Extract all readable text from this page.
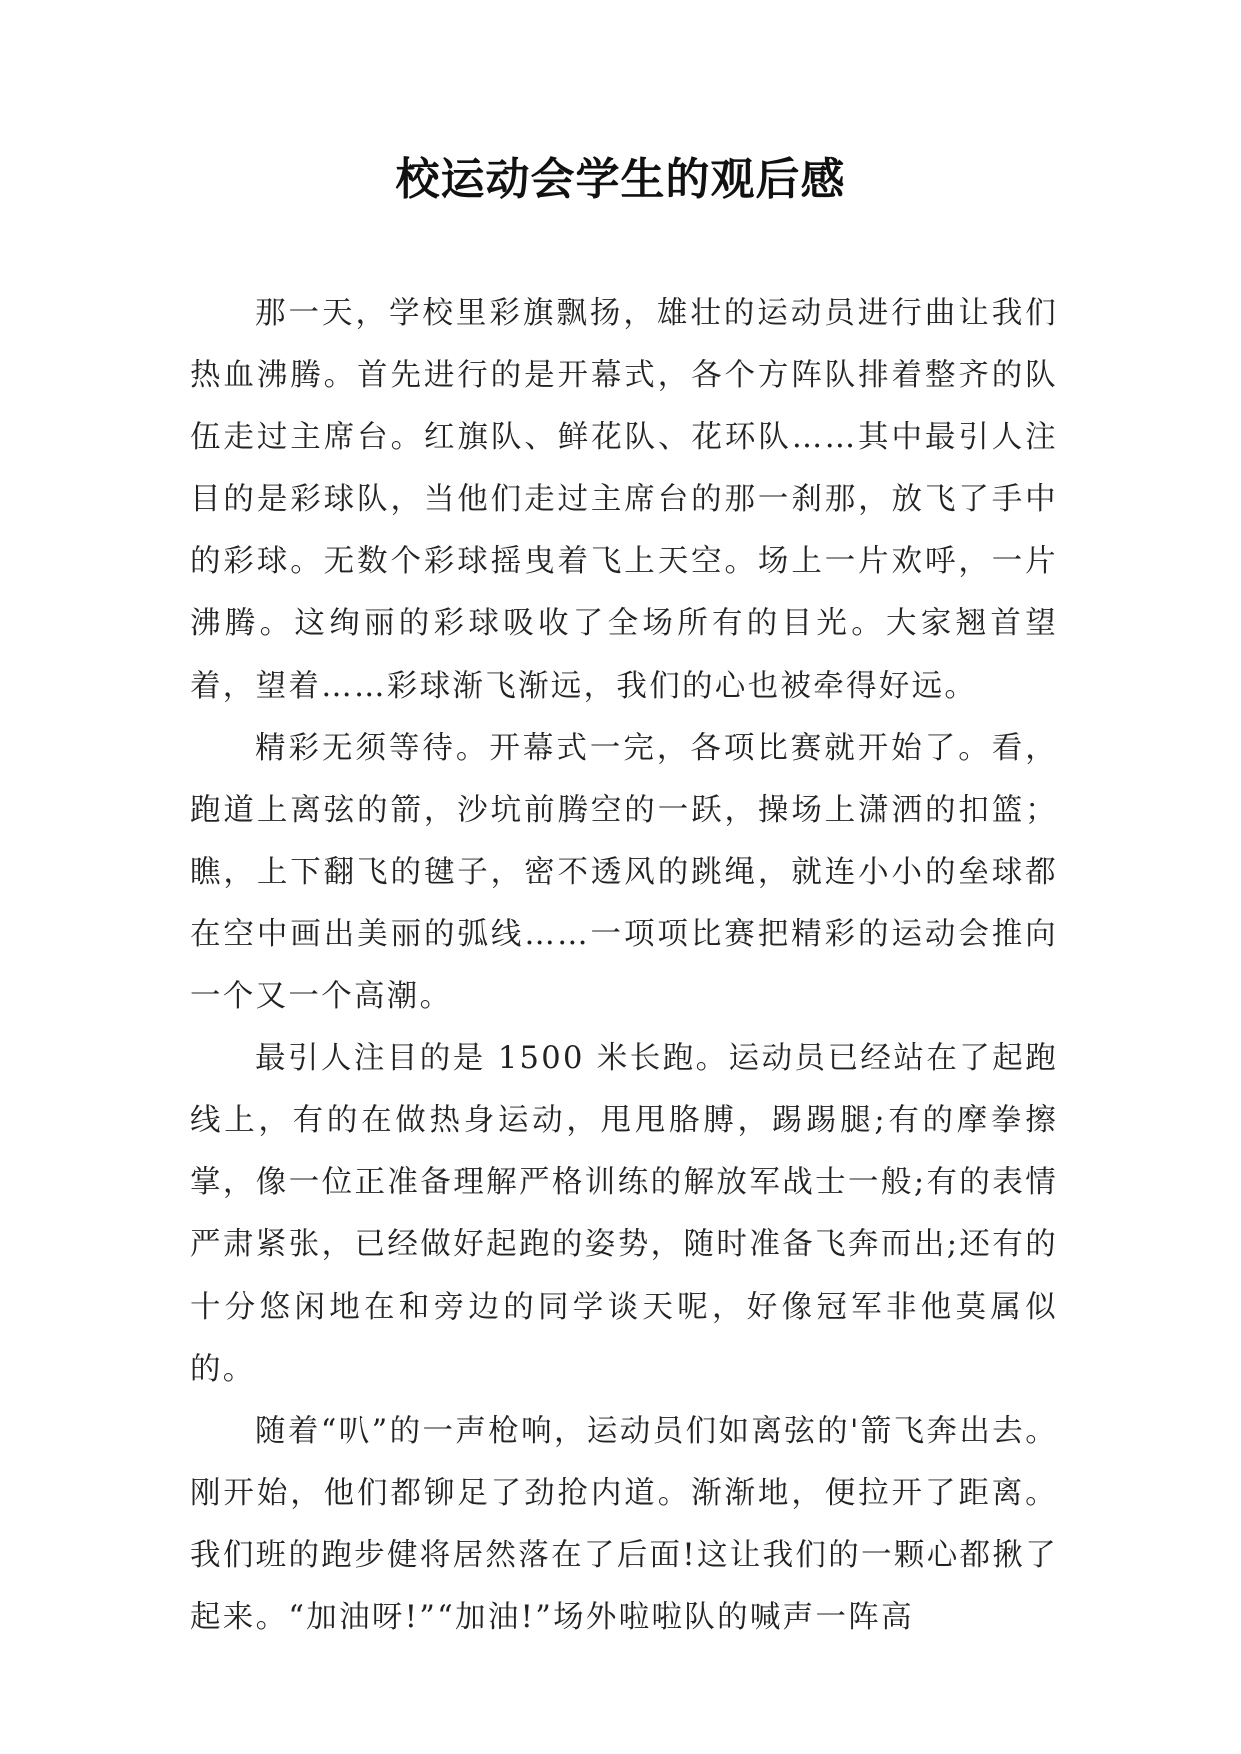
校运动会学生的观后感

那一天，学校里彩旗飘扬，雄壮的运动员进行曲让我们热血沸腾。首先进行的是开幕式，各个方阵队排着整齐的队伍走过主席台。红旗队、鲜花队、花环队……其中最引人注目的是彩球队，当他们走过主席台的那一刹那，放飞了手中的彩球。无数个彩球摇曳着飞上天空。场上一片欢呼，一片沸腾。这绚丽的彩球吸收了全场所有的目光。大家翘首望着，望着……彩球渐飞渐远，我们的心也被牵得好远。

精彩无须等待。开幕式一完，各项比赛就开始了。看，跑道上离弦的箭，沙坑前腾空的一跃，操场上潇洒的扣篮；瞧，上下翻飞的毽子，密不透风的跳绳，就连小小的垒球都在空中画出美丽的弧线……一项项比赛把精彩的运动会推向一个又一个高潮。

最引人注目的是 1500 米长跑。运动员已经站在了起跑线上，有的在做热身运动，甩甩胳膊，踢踢腿;有的摩拳擦掌，像一位正准备理解严格训练的解放军战士一般;有的表情严肃紧张，已经做好起跑的姿势，随时准备飞奔而出;还有的十分悠闲地在和旁边的同学谈天呢，好像冠军非他莫属似的。

随着“叭”的一声枪响，运动员们如离弦的'箭飞奔出去。刚开始，他们都铆足了劲抢内道。渐渐地，便拉开了距离。我们班的跑步健将居然落在了后面!这让我们的一颗心都揪了起来。“加油呀!”“加油!”场外啦啦队的喊声一阵高
